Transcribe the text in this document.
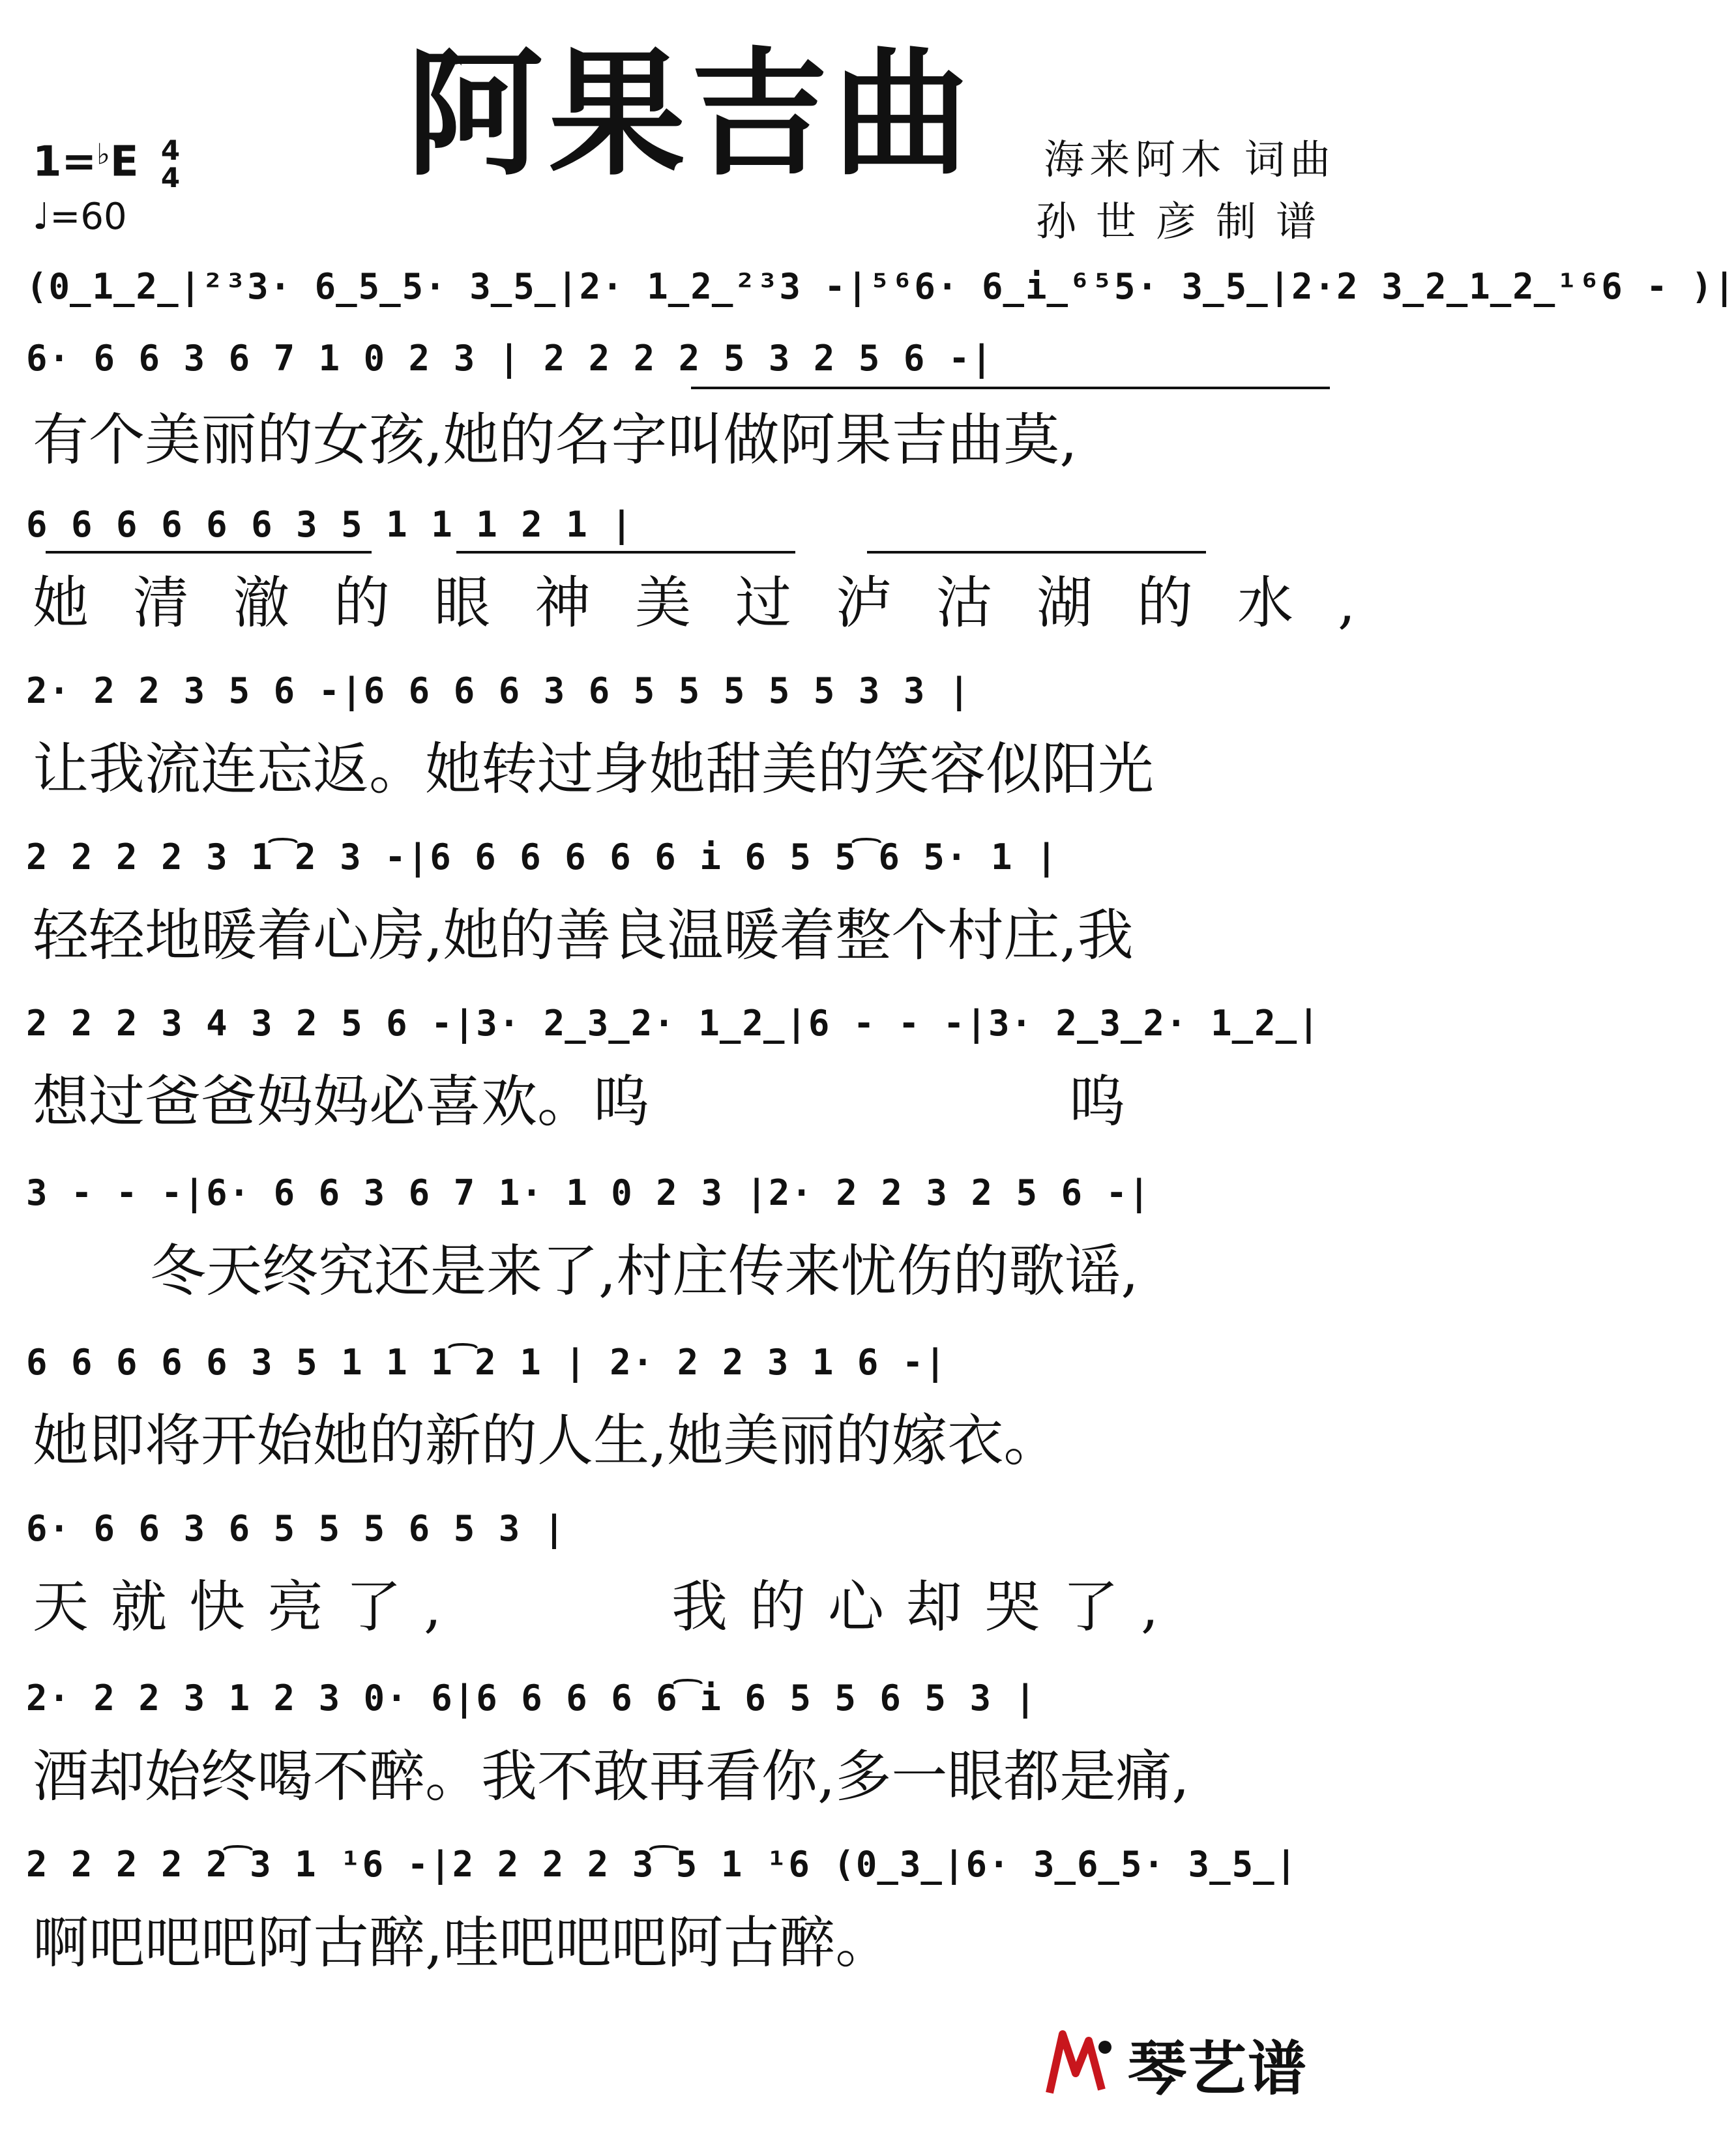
阿果吉曲
1=♭E 4
4
♩=60
海来阿木 词曲
孙世彦制谱
(0̲1̲2̲|²³3· 6̲5̲5· 3̲5̲|2· 1̲2̲²³3 -|⁵⁶6· 6̲i̲⁶⁵5· 3̲5̲|2·2 3̲2̲1̲2̲¹⁶6 - )|
6· 6 6 3 6 7 1 0 2 3 | 2 2 2 2 5 3 2 5 6 -|
有个美丽的女孩,她的名字叫做阿果吉曲莫,
6 6 6 6 6 6 3 5 1 1 1 2 1 |
她清澈的眼神美过泸沽湖的水,
2· 2 2 3 5 6 -|6 6 6 6 3 6 5 5 5 5 5 3 3 |
让我流连忘返。她转过身她甜美的笑容似阳光
2 2 2 2 3 1͡2 3 -|6 6 6 6 6 6 i 6 5 5͡6 5· 1 |
轻轻地暖着心房,她的善良温暖着整个村庄,我
2 2 2 3 4 3 2 5 6 -|3· 2̲3̲2· 1̲2̲|6 - - -|3· 2̲3̲2· 1̲2̲|
想过爸爸妈妈必喜欢。呜	呜
3 - - -|6· 6 6 3 6 7 1· 1 0 2 3 |2· 2 2 3 2 5 6 -|
冬天终究还是来了,村庄传来忧伤的歌谣,
6 6 6 6 6 3 5 1 1 1͡2 1 | 2· 2 2 3 1 6 -|
她即将开始她的新的人生,她美丽的嫁衣。
6· 6 6 3 6 5 5 5 6 5 3 |
天就快亮了,	我的心却哭了,
2· 2 2 3 1 2 3 0· 6|6 6 6 6 6͡i 6 5 5 6 5 3 |
酒却始终喝不醉。我不敢再看你,多一眼都是痛,
2 2 2 2 2͡3 1 ¹6 -|2 2 2 2 3͡5 1 ¹6 (0̲3̲|6· 3̲6̲5· 3̲5̲|
啊吧吧吧阿古醉,哇吧吧吧阿古醉。
琴艺谱
